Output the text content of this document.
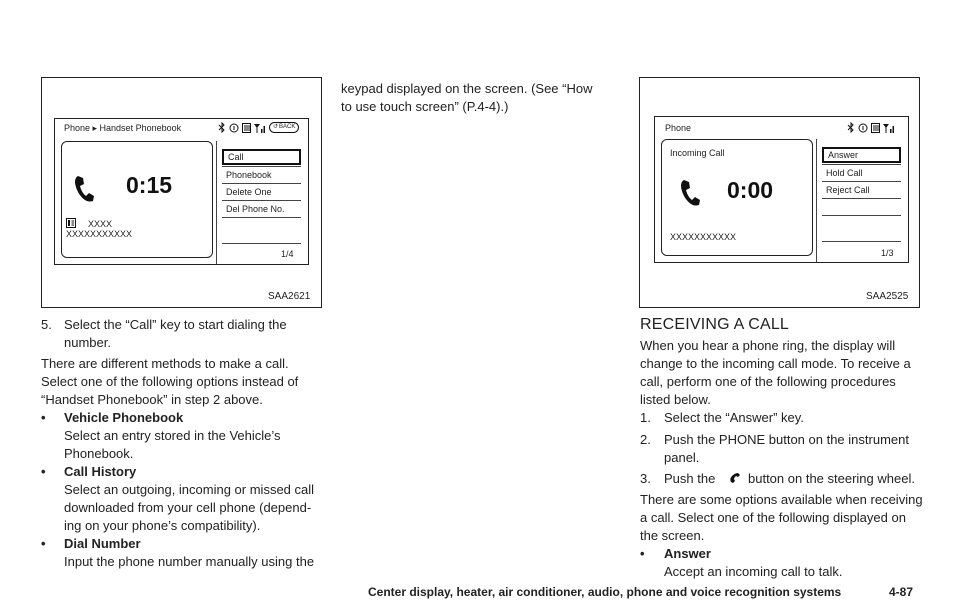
Phone ▸ Handset Phonebook	↺ BACK
0:15
XXXX
XXXXXXXXXXX
Call
Phonebook
Delete One
Del Phone No.
1/4
SAA2621
Phone
Incoming Call
0:00
XXXXXXXXXXX
Answer
Hold Call
Reject Call
1/3
SAA2525
5. Select the “Call” key to start dialing the
number.
There are different methods to make a call.
Select one of the following options instead of
“Handset Phonebook” in step 2 above.
• Vehicle Phonebook
Select an entry stored in the Vehicle’s
Phonebook.
• Call History
Select an outgoing, incoming or missed call
downloaded from your cell phone (depend-
ing on your phone’s compatibility).
• Dial Number
Input the phone number manually using the
keypad displayed on the screen. (See “How
to use touch screen” (P.4-4).)
RECEIVING A CALL
When you hear a phone ring, the display will
change to the incoming call mode. To receive a
call, perform one of the following procedures
listed below.
1. Select the “Answer” key.
2. Push the PHONE button on the instrument
panel.
3. Push the	button on the steering wheel.
There are some options available when receiving
a call. Select one of the following displayed on
the screen.
• Answer
Accept an incoming call to talk.
Center display, heater, air conditioner, audio, phone and voice recognition systems	4-87
